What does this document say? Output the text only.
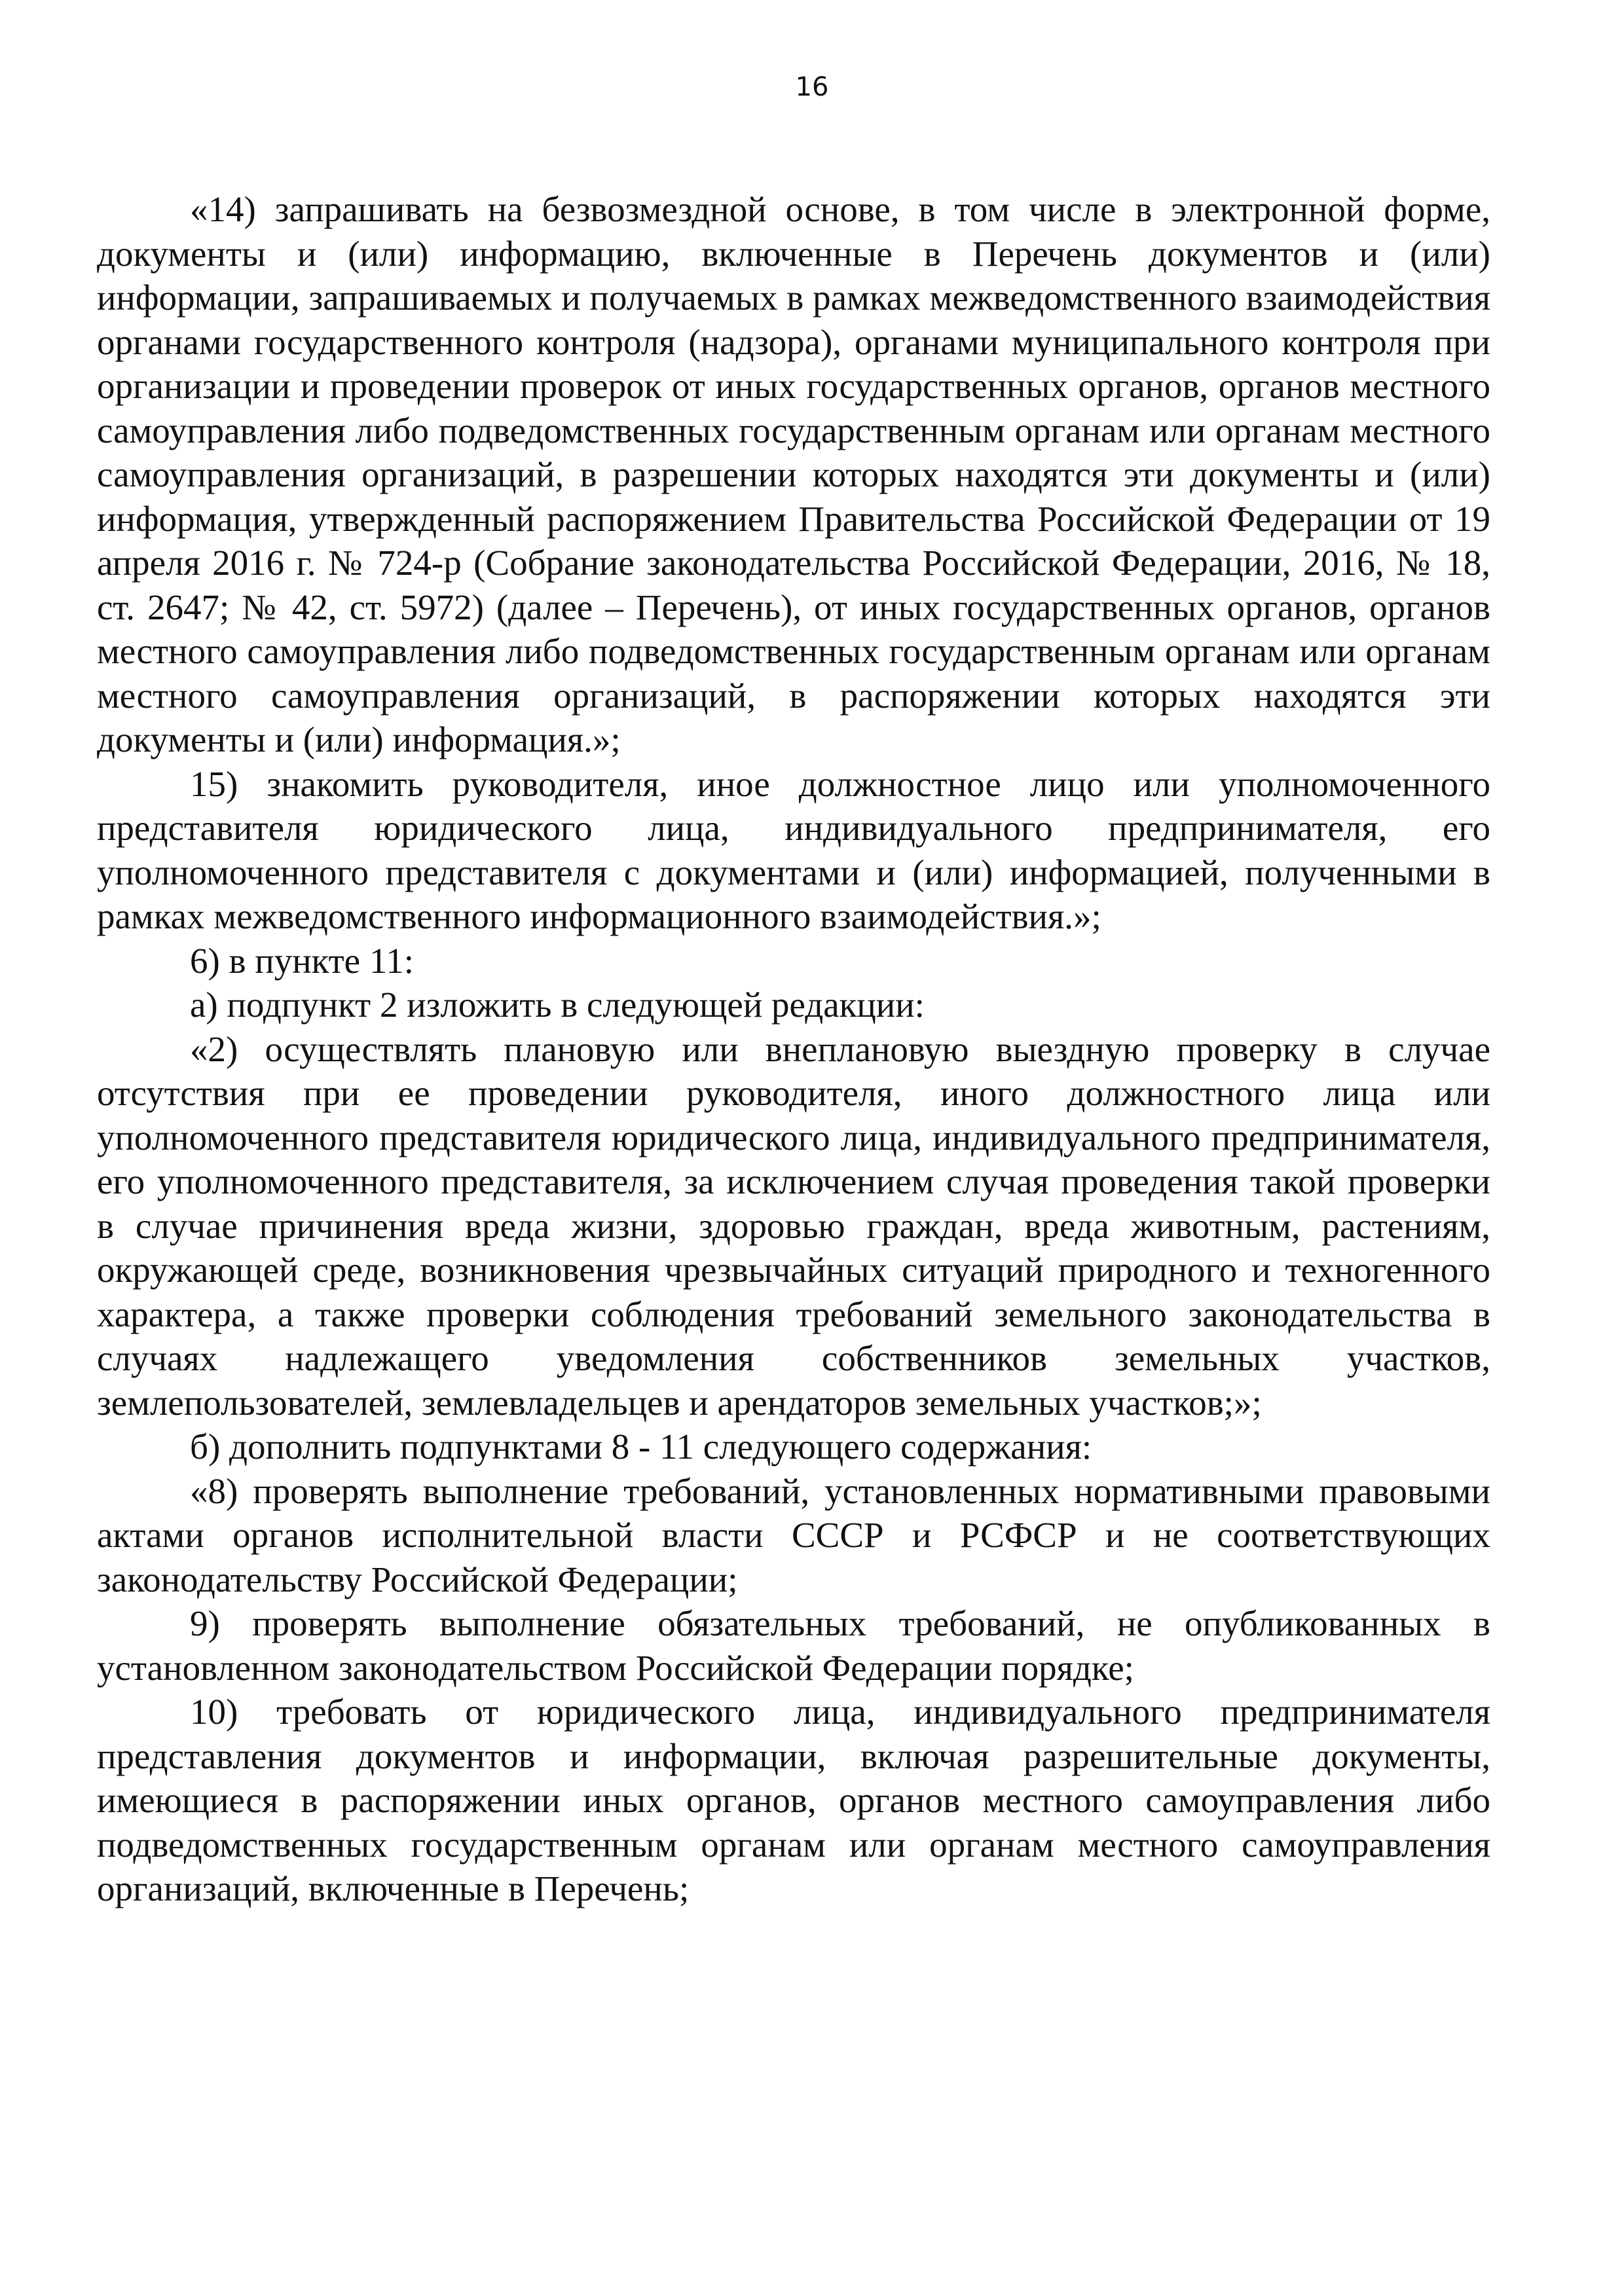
16

«14) запрашивать на безвозмездной основе, в том числе в электронной форме, документы и (или) информацию, включенные в Перечень документов и (или) информации, запрашиваемых и получаемых в рамках межведомственного взаимодействия органами государственного контроля (надзора), органами муниципального контроля при организации и проведении проверок от иных государственных органов, органов местного самоуправления либо подведомственных государственным органам или органам местного самоуправления организаций, в разрешении которых находятся эти документы и (или) информация, утвержденный распоряжением Правительства Российской Федерации от 19 апреля 2016 г. № 724-р (Собрание законодательства Российской Федерации, 2016, № 18, ст. 2647; № 42, ст. 5972) (далее – Перечень), от иных государственных органов, органов местного самоуправления либо подведомственных государственным органам или органам местного самоуправления организаций, в распоряжении которых находятся эти документы и (или) информация.»;

15) знакомить руководителя, иное должностное лицо или уполномоченного представителя юридического лица, индивидуального предпринимателя, его уполномоченного представителя с документами и (или) информацией, полученными в рамках межведомственного информационного взаимодействия.»;

6) в пункте 11:

а) подпункт 2 изложить в следующей редакции:

«2) осуществлять плановую или внеплановую выездную проверку в случае отсутствия при ее проведении руководителя, иного должностного лица или уполномоченного представителя юридического лица, индивидуального предпринимателя, его уполномоченного представителя, за исключением случая проведения такой проверки в случае причинения вреда жизни, здоровью граждан, вреда животным, растениям, окружающей среде, возникновения чрезвычайных ситуаций природного и техногенного характера, а также проверки соблюдения требований земельного законодательства в случаях надлежащего уведомления собственников земельных участков, землепользователей, землевладельцев и арендаторов земельных участков;»;

б) дополнить подпунктами 8 - 11 следующего содержания:

«8) проверять выполнение требований, установленных нормативными правовыми актами органов исполнительной власти СССР и РСФСР и не соответствующих законодательству Российской Федерации;

9) проверять выполнение обязательных требований, не опубликованных в установленном законодательством Российской Федерации порядке;

10) требовать от юридического лица, индивидуального предпринимателя представления документов и информации, включая разрешительные документы, имеющиеся в распоряжении иных органов, органов местного самоуправления либо подведомственных государственным органам или органам местного самоуправления организаций, включенные в Перечень;
